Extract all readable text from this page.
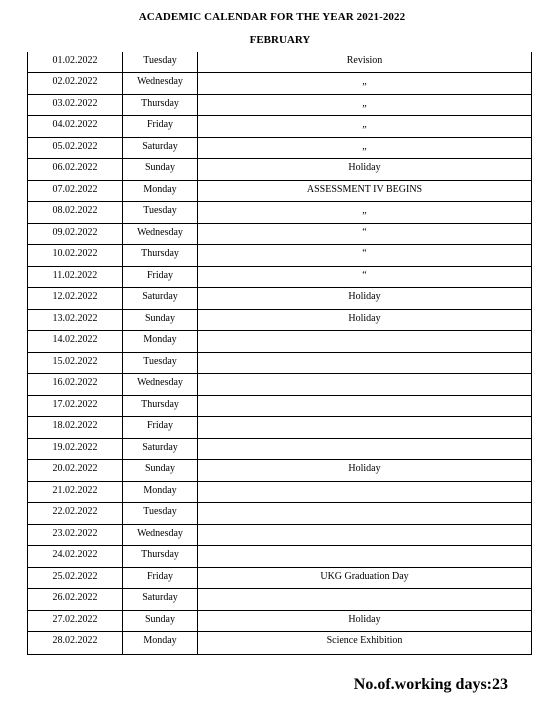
ACADEMIC CALENDAR FOR THE YEAR 2021-2022
FEBRUARY
01.02.2022	Tuesday	Revision
02.02.2022	Wednesday	„
03.02.2022	Thursday	„
04.02.2022	Friday	„
05.02.2022	Saturday	„
06.02.2022	Sunday	Holiday
07.02.2022	Monday	ASSESSMENT IV BEGINS
08.02.2022	Tuesday	„
09.02.2022	Wednesday	“
10.02.2022	Thursday	“
11.02.2022	Friday	“
12.02.2022	Saturday	Holiday
13.02.2022	Sunday	Holiday
14.02.2022	Monday	
15.02.2022	Tuesday	
16.02.2022	Wednesday	
17.02.2022	Thursday	
18.02.2022	Friday	
19.02.2022	Saturday	
20.02.2022	Sunday	Holiday
21.02.2022	Monday	
22.02.2022	Tuesday	
23.02.2022	Wednesday	
24.02.2022	Thursday	
25.02.2022	Friday	UKG Graduation Day
26.02.2022	Saturday	
27.02.2022	Sunday	Holiday
28.02.2022	Monday	Science Exhibition
No.of.working days:23
